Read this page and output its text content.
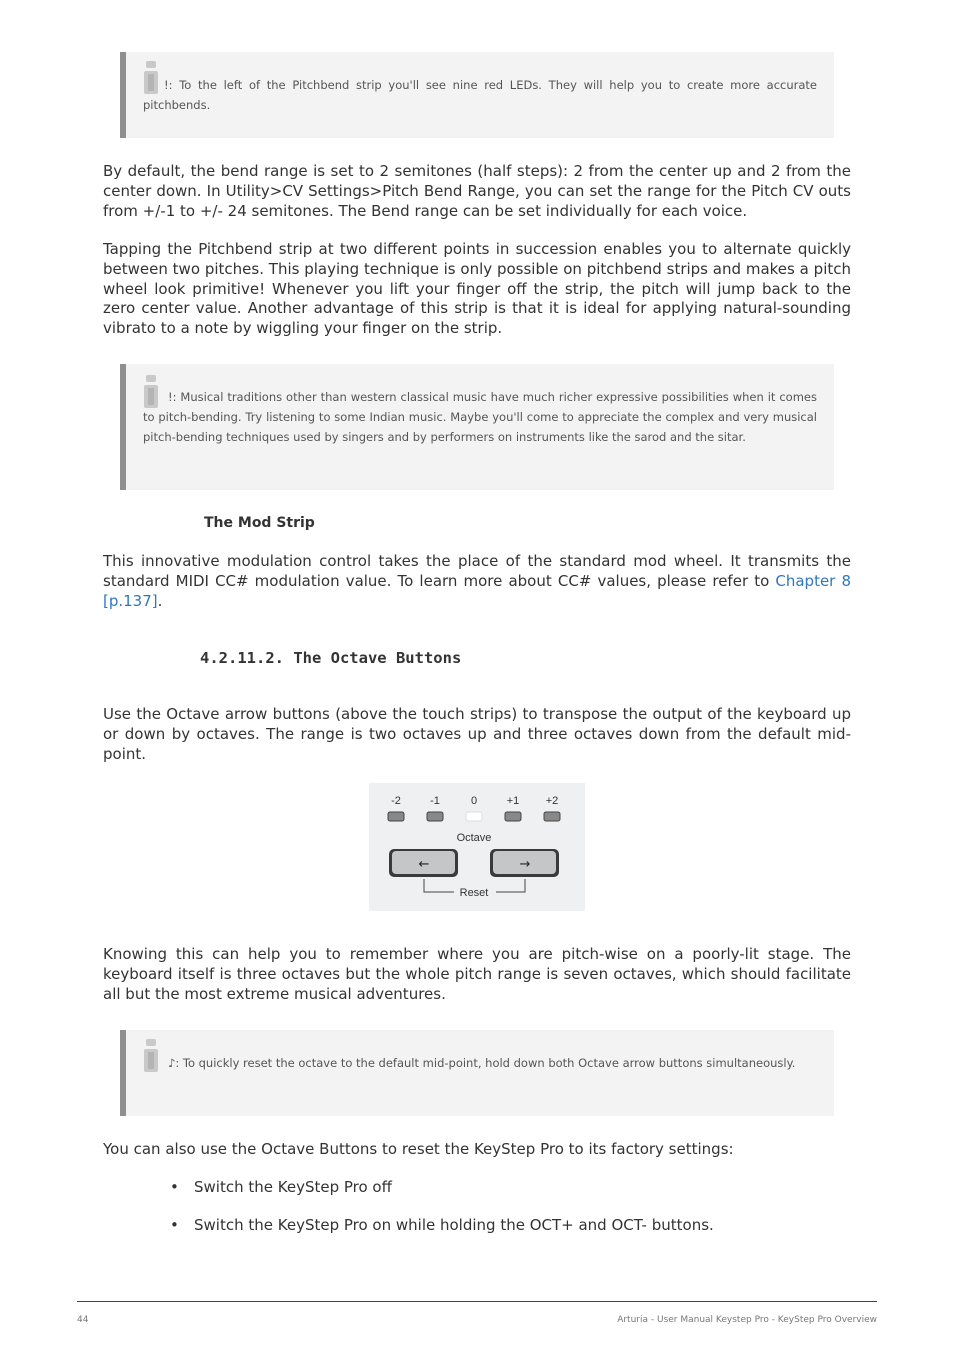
!: To the left of the Pitchbend strip you'll see nine red LEDs. They will help you to create more accurate pitchbends.

By default, the bend range is set to 2 semitones (half steps): 2 from the center up and 2 from the center down. In Utility>CV Settings>Pitch Bend Range, you can set the range for the Pitch CV outs from +/-1 to +/- 24 semitones. The Bend range can be set individually for each voice.

Tapping the Pitchbend strip at two different points in succession enables you to alternate quickly between two pitches. This playing technique is only possible on pitchbend strips and makes a pitch wheel look primitive! Whenever you lift your finger off the strip, the pitch will jump back to the zero center value. Another advantage of this strip is that it is ideal for applying natural-sounding vibrato to a note by wiggling your finger on the strip.

!: Musical traditions other than western classical music have much richer expressive possibilities when it comes to pitch-bending. Try listening to some Indian music. Maybe you'll come to appreciate the complex and very musical pitch-bending techniques used by singers and by performers on instruments like the sarod and the sitar.

The Mod Strip

This innovative modulation control takes the place of the standard mod wheel. It transmits the standard MIDI CC# modulation value. To learn more about CC# values, please refer to Chapter 8 [p.137].

4.2.11.2. The Octave Buttons

Use the Octave arrow buttons (above the touch strips) to transpose the output of the keyboard up or down by octaves. The range is two octaves up and three octaves down from the default mid-point.

-2	-1	0	+1 +2
Octave
←	→
Reset

Knowing this can help you to remember where you are pitch-wise on a poorly-lit stage. The keyboard itself is three octaves but the whole pitch range is seven octaves, which should facilitate all but the most extreme musical adventures.

♪: To quickly reset the octave to the default mid-point, hold down both Octave arrow buttons simultaneously.

You can also use the Octave Buttons to reset the KeyStep Pro to its factory settings:

• Switch the KeyStep Pro off
• Switch the KeyStep Pro on while holding the OCT+ and OCT- buttons.
44	Arturia - User Manual Keystep Pro - KeyStep Pro Overview
